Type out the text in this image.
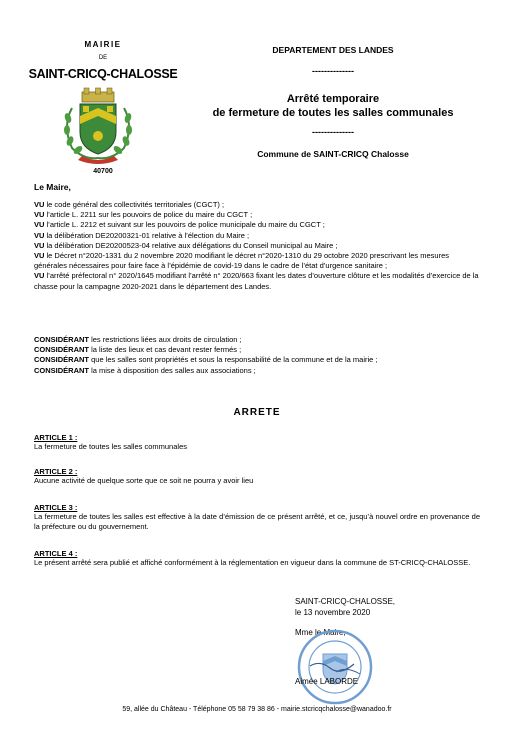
MAIRIE
DE
SAINT-CRICQ-CHALOSSE
40700
DEPARTEMENT DES LANDES
--------------
Arrêté temporaire
de fermeture de toutes les salles communales
--------------
Commune de SAINT-CRICQ Chalosse
Le Maire,
VU le code général des collectivités territoriales (CGCT) ;
VU l’article L. 2211 sur les pouvoirs de police du maire du CGCT ;
VU l’article L. 2212 et suivant sur les pouvoirs de police municipale du maire du CGCT ;
VU la délibération DE20200321-01 relative à l’élection du Maire ;
VU la délibération DE20200523-04 relative aux délégations du Conseil municipal au Maire ;
VU le Décret n°2020-1331 du 2 novembre 2020 modifiant le décret n°2020-1310 du 29 octobre 2020 prescrivant les mesures générales nécessaires pour faire face à l’épidémie de covid-19 dans le cadre de l’état d’urgence sanitaire ;
VU l’arrêté préfectoral n° 2020/1645 modifiant l’arrêté n° 2020/663 fixant les dates d’ouverture clôture et les modalités d’exercice de la chasse pour la campagne 2020-2021 dans le département des Landes.
CONSIDÉRANT les restrictions liées aux droits de circulation ;
CONSIDÉRANT la liste des lieux et cas devant rester fermés ;
CONSIDÉRANT que les salles sont propriétés et sous la responsabilité de la commune et de la mairie ;
CONSIDÉRANT la mise à disposition des salles aux associations ;
ARRETE
ARTICLE 1 :
La fermeture de toutes les salles communales
ARTICLE 2 :
Aucune activité de quelque sorte que ce soit ne pourra y avoir lieu
ARTICLE 3 :
La fermeture de toutes les salles est effective à la date d’émission de ce présent arrêté, et ce, jusqu’à nouvel ordre en provenance de la préfecture ou du gouvernement.
ARTICLE 4 :
Le présent arrêté sera publié et affiché conformément à la réglementation en vigueur dans la commune de ST-CRICQ-CHALOSSE.
SAINT-CRICQ-CHALOSSE,
le 13 novembre 2020
Mme le Maire,
Aimée LABORDE
59, allée du Château - Téléphone 05 58 79 38 86 - mairie.stcricqchalosse@wanadoo.fr
